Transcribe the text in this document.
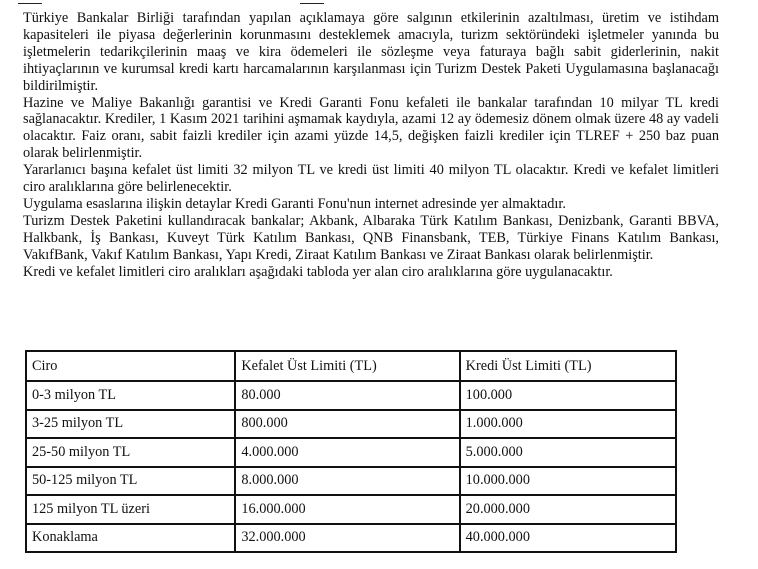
Türkiye Bankalar Birliği tarafından yapılan açıklamaya göre salgının etkilerinin azaltılması, üretim ve istihdam kapasiteleri ile piyasa değerlerinin korunmasını desteklemek amacıyla, turizm sektöründeki işletmeler yanında bu işletmelerin tedarikçilerinin maaş ve kira ödemeleri ile sözleşme veya faturaya bağlı sabit giderlerinin, nakit ihtiyaçlarının ve kurumsal kredi kartı harcamalarının karşılanması için Turizm Destek Paketi Uygulamasına başlanacağı bildirilmiştir.

Hazine ve Maliye Bakanlığı garantisi ve Kredi Garanti Fonu kefaleti ile bankalar tarafından 10 milyar TL kredi sağlanacaktır. Krediler, 1 Kasım 2021 tarihini aşmamak kaydıyla, azami 12 ay ödemesiz dönem olmak üzere 48 ay vadeli olacaktır. Faiz oranı, sabit faizli krediler için azami yüzde 14,5, değişken faizli krediler için TLREF + 250 baz puan olarak belirlenmiştir.

Yararlanıcı başına kefalet üst limiti 32 milyon TL ve kredi üst limiti 40 milyon TL olacaktır. Kredi ve kefalet limitleri ciro aralıklarına göre belirlenecektir.

Uygulama esaslarına ilişkin detaylar Kredi Garanti Fonu'nun internet adresinde yer almaktadır.

Turizm Destek Paketini kullandıracak bankalar; Akbank, Albaraka Türk Katılım Bankası, Denizbank, Garanti BBVA, Halkbank, İş Bankası, Kuveyt Türk Katılım Bankası, QNB Finansbank, TEB, Türkiye Finans Katılım Bankası, VakıfBank, Vakıf Katılım Bankası, Yapı Kredi, Ziraat Katılım Bankası ve Ziraat Bankası olarak belirlenmiştir.

Kredi ve kefalet limitleri ciro aralıkları aşağıdaki tabloda yer alan ciro aralıklarına göre uygulanacaktır.

Ciro	Kefalet Üst Limiti (TL)	Kredi Üst Limiti (TL)
0-3 milyon TL	80.000	100.000
3-25 milyon TL	800.000	1.000.000
25-50 milyon TL	4.000.000	5.000.000
50-125 milyon TL	8.000.000	10.000.000
125 milyon TL üzeri	16.000.000	20.000.000
Konaklama	32.000.000	40.000.000
